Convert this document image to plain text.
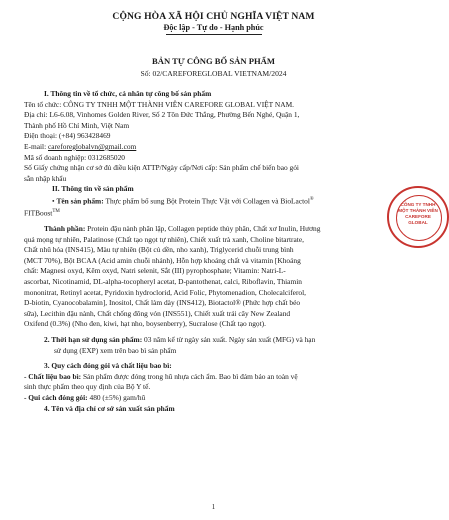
CỘNG HÒA XÃ HỘI CHỦ NGHĨA VIỆT NAM
Độc lập - Tự do - Hạnh phúc
BẢN TỰ CÔNG BỐ SẢN PHẨM
Số: 02/CAREFOREGLOBAL VIETNAM/2024
I. Thông tin về tổ chức, cá nhân tự công bố sản phẩm
Tên tổ chức: CÔNG TY TNHH MỘT THÀNH VIÊN CAREFORE GLOBAL VIỆT NAM.
Địa chỉ: L6-6.08, Vinhomes Golden River, Số 2 Tôn Đức Thắng, Phường Bến Nghé, Quận 1,
Thành phố Hồ Chí Minh, Việt Nam
Điện thoại: (+84) 963428469
E-mail: careforeglobalvn@gmail.com
Mã số doanh nghiệp: 0312685020
Số Giấy chứng nhận cơ sở đủ điều kiện ATTP/Ngày cấp/Nơi cấp: Sản phẩm chế biến bao gói
sẵn nhập khẩu
II. Thông tin về sản phẩm
• Tên sản phẩm: Thực phẩm bổ sung Bột Protein Thực Vật với Collagen và BioLactol®
FITBoost™
Thành phần: Protein đậu nành phân lập, Collagen peptide thủy phân, Chất xơ Inulin, Hương
quả mọng tự nhiên, Palatinose (Chất tạo ngọt tự nhiên), Chiết xuất trà xanh, Choline bitartrate,
Chất nhũ hóa (INS415), Màu tự nhiên (Bột củ dền, nho xanh), Triglycerid chuỗi trung bình
(MCT 70%), Bột BCAA (Acid amin chuỗi nhánh), Hỗn hợp khoáng chất và vitamin [Khoáng
chất: Magnesi oxyd, Kẽm oxyd, Natri selenit, Sắt (III) pyrophosphate; Vitamin: Natri-L-
ascorbat, Nicotinamid, DL-alpha-tocopheryl acetat, D-pantothenat, calci, Riboflavin, Thiamin
mononitrat, Retinyl acetat, Pyridoxin hydroclorid, Acid Folic, Phytomenadion, Cholecalciferol,
D-biotin, Cyanocobalamin], Inositol, Chất làm dày (INS412), Biotactol® (Phức hợp chất béo
sữa), Lecithin đậu nành, Chất chống đông vón (INS551), Chiết xuất trái cây New Zealand
Oxifend (0.3%) (Nho đen, kiwi, hạt nho, boysenberry), Sucralose (Chất tạo ngọt).
2. Thời hạn sử dụng sản phẩm: 03 năm kể từ ngày sản xuất. Ngày sản xuất (MFG) và hạn
sử dụng (EXP) xem trên bao bì sản phẩm
3. Quy cách đóng gói và chất liệu bao bì:
- Chất liệu bao bì: Sản phẩm được đóng trong hũ nhựa cách ẩm. Bao bì đảm bảo an toàn vệ
sinh thực phẩm theo quy định của Bộ Y tế.
- Qui cách đóng gói: 480 (±5%) gam/hũ
4. Tên và địa chỉ cơ sở sản xuất sản phẩm
CÔNG TY TNHH MỘT THÀNH VIÊN CAREFORE GLOBAL
1
